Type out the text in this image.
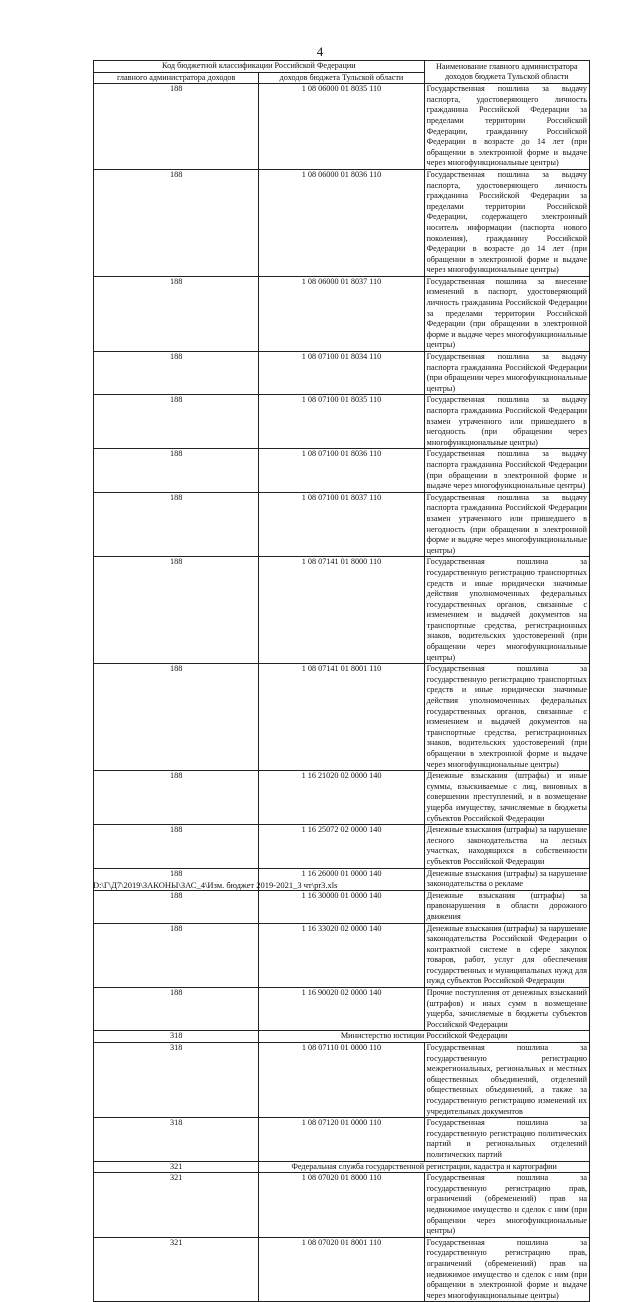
4
Код бюджетной классификации Российской Федерации		Наименование главного администратора доходов бюджета Тульской области
главного администратора доходов	доходов бюджета Тульской области	
188	1 08 06000 01 8035 110	Государственная пошлина за выдачу паспорта, удостоверяющего личность гражданина Российской Федерации за пределами территории Российской Федерации, гражданину Российской Федерации в возрасте до 14 лет (при обращении в электронной форме и выдаче через многофункциональные центры)
188	1 08 06000 01 8036 110	Государственная пошлина за выдачу паспорта, удостоверяющего личность гражданина Российской Федерации за пределами территории Российской Федерации, содержащего электронный носитель информации (паспорта нового поколения), гражданину Российской Федерации в возрасте до 14 лет (при обращении в электронной форме и выдаче через многофункциональные центры)
188	1 08 06000 01 8037 110	Государственная пошлина за внесение изменений в паспорт, удостоверяющий личность гражданина Российской Федерации за пределами территории Российской Федерации (при обращении в электронной форме и выдаче через многофункциональные центры)
188	1 08 07100 01 8034 110	Государственная пошлина за выдачу паспорта гражданина Российской Федерации (при обращении через многофункциональные центры)
188	1 08 07100 01 8035 110	Государственная пошлина за выдачу паспорта гражданина Российской Федерации взамен утраченного или пришедшего в негодность (при обращении через многофункциональные центры)
188	1 08 07100 01 8036 110	Государственная пошлина за выдачу паспорта гражданина Российской Федерации (при обращении в электронной форме и выдаче через многофункциональные центры)
188	1 08 07100 01 8037 110	Государственная пошлина за выдачу паспорта гражданина Российской Федерации взамен утраченного или пришедшего в негодность (при обращении в электронной форме и выдаче через многофункциональные центры)
188	1 08 07141 01 8000 110	Государственная пошлина за государственную регистрацию транспортных средств и иные юридически значимые действия уполномоченных федеральных государственных органов, связанные с изменением и выдачей документов на транспортные средства, регистрационных знаков, водительских удостоверений (при обращении через многофункциональные центры)
188	1 08 07141 01 8001 110	Государственная пошлина за государственную регистрацию транспортных средств и иные юридически значимые действия уполномоченных федеральных государственных органов, связанные с изменением и выдачей документов на транспортные средства, регистрационных знаков, водительских удостоверений (при обращении в электронной форме и выдаче через многофункциональные центры)
188	1 16 21020 02 0000 140	Денежные взыскания (штрафы) и иные суммы, взыскиваемые с лиц, виновных в совершении преступлений, и в возмещение ущерба имуществу, зачисляемые в бюджеты субъектов Российской Федерации
188	1 16 25072 02 0000 140	Денежные взыскания (штрафы) за нарушение лесного законодательства на лесных участках, находящихся в собственности субъектов Российской Федерации
188	1 16 26000 01 0000 140	Денежные взыскания (штрафы) за нарушение законодательства о рекламе
188	1 16 30000 01 0000 140	Денежные взыскания (штрафы) за правонарушения в области дорожного движения
188	1 16 33020 02 0000 140	Денежные взыскания (штрафы) за нарушение законодательства Российской Федерации о контрактной системе в сфере закупок товаров, работ, услуг для обеспечения государственных и муниципальных нужд для нужд субъектов Российской Федерации
188	1 16 90020 02 0000 140	Прочие поступления от денежных взысканий (штрафов) и иных сумм в возмещение ущерба, зачисляемые в бюджеты субъектов Российской Федерации
318	Министерство юстиции Российской Федерации	
318	1 08 07110 01 0000 110	Государственная пошлина за государственную регистрацию межрегиональных, региональных и местных общественных объединений, отделений общественных объединений, а также за государственную регистрацию изменений их учредительных документов
318	1 08 07120 01 0000 110	Государственная пошлина за государственную регистрацию политических партий и региональных отделений политических партий
321	Федеральная служба государственной регистрации, кадастра и картографии	
321	1 08 07020 01 8000 110	Государственная пошлина за государственную регистрацию прав, ограничений (обременений) прав на недвижимое имущество и сделок с ним (при обращении через многофункциональные центры)
321	1 08 07020 01 8001 110	Государственная пошлина за государственную регистрацию прав, ограничений (обременений) прав на недвижимое имущество и сделок с ним (при обращении в электронной форме и выдаче через многофункциональные центры)
D:\Г\Д7\2019\ЗАКОНЫ\ЗАС_4\Изм. бюджет 2019-2021_3 чт\pr3.xls
